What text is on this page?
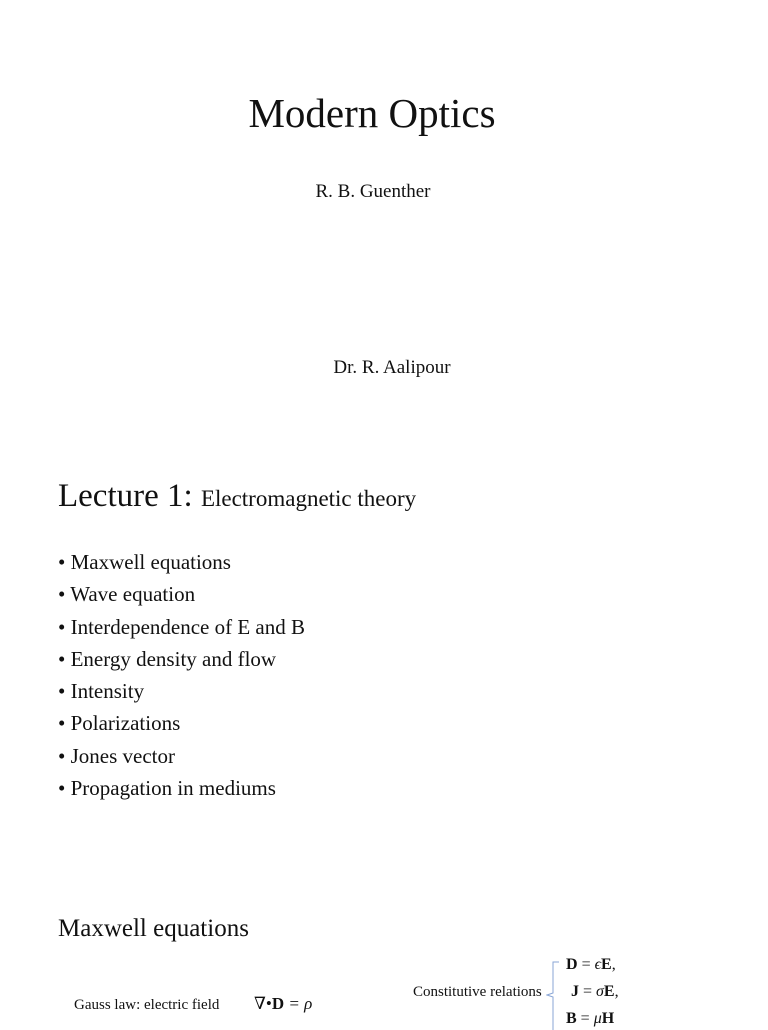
Modern Optics
R. B. Guenther
Dr. R. Aalipour
Lecture 1: Electromagnetic theory
• Maxwell equations
• Wave equation
• Interdependence of E and B
• Energy density and flow
• Intensity
• Polarizations
• Jones vector
• Propagation in mediums
Maxwell equations
Gauss law: electric field ∇•D = ρ
Constitutive relations
D = ϵE,
J = σE,
B = μH
